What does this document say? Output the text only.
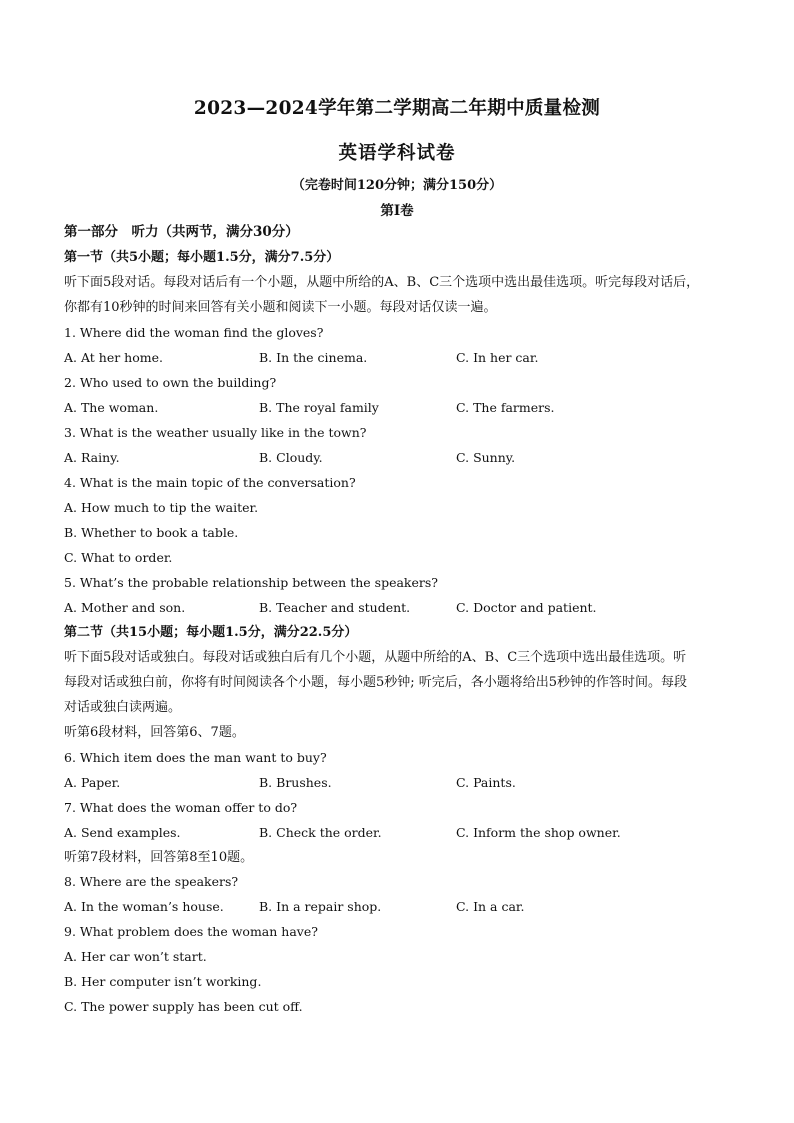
2023—2024学年第二学期高二年期中质量检测
英语学科试卷
（完卷时间120分钟；满分150分）
第Ⅰ卷
第一部分　听力（共两节，满分30分）
第一节（共5小题；每小题1.5分，满分7.5分）
听下面5段对话。每段对话后有一个小题，从题中所给的A、B、C三个选项中选出最佳选项。听完每段对话后，
你都有10秒钟的时间来回答有关小题和阅读下一小题。每段对话仅读一遍。
1. Where did the woman find the gloves?
A. At her home.	B. In the cinema.	C. In her car.
2. Who used to own the building?
A. The woman.	B. The royal family	C. The farmers.
3. What is the weather usually like in the town?
A. Rainy.	B. Cloudy.	C. Sunny.
4. What is the main topic of the conversation?
A. How much to tip the waiter.
B. Whether to book a table.
C. What to order.
5. What’s the probable relationship between the speakers?
A. Mother and son.	B. Teacher and student.	C. Doctor and patient.
第二节（共15小题；每小题1.5分，满分22.5分）
听下面5段对话或独白。每段对话或独白后有几个小题，从题中所给的A、B、C三个选项中选出最佳选项。听
每段对话或独白前，你将有时间阅读各个小题，每小题5秒钟; 听完后，各小题将给出5秒钟的作答时间。每段
对话或独白读两遍。
听第6段材料，回答第6、7题。
6. Which item does the man want to buy?
A. Paper.	B. Brushes.	C. Paints.
7. What does the woman offer to do?
A. Send examples.	B. Check the order.	C. Inform the shop owner.
听第7段材料，回答第8至10题。
8. Where are the speakers?
A. In the woman’s house.	B. In a repair shop.	C. In a car.
9. What problem does the woman have?
A. Her car won’t start.
B. Her computer isn’t working.
C. The power supply has been cut off.
